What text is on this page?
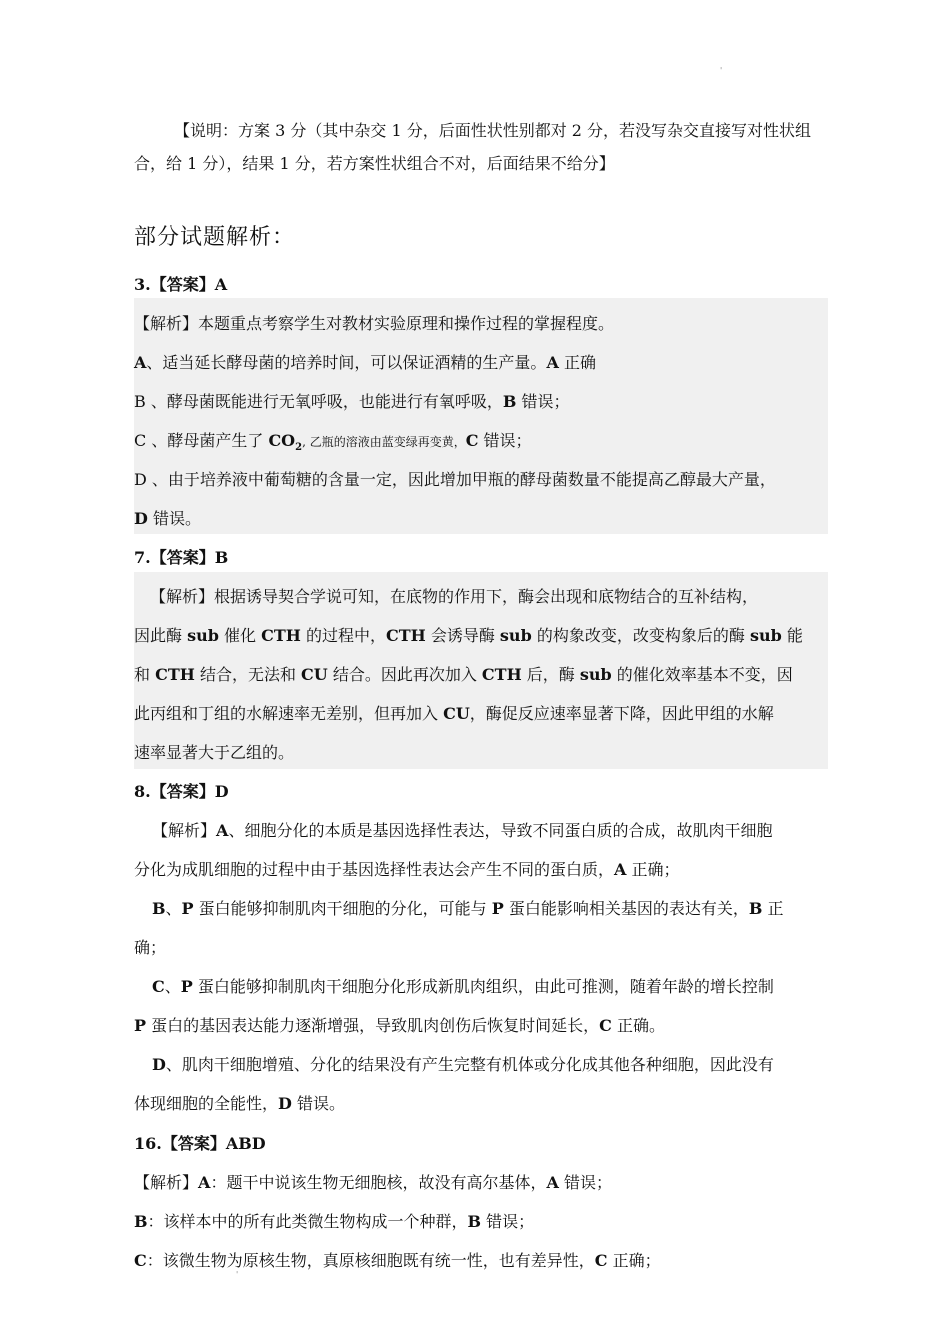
'
【说明：方案 3 分（其中杂交 1 分，后面性状性别都对 2 分，若没写杂交直接写对性状组合，给 1 分），结果 1 分，若方案性状组合不对，后面结果不给分】
部分试题解析：
3.【答案】A
【解析】本题重点考察学生对教材实验原理和操作过程的掌握程度。
A、适当延长酵母菌的培养时间，可以保证酒精的生产量。A 正确
B 、酵母菌既能进行无氧呼吸，也能进行有氧呼吸，B 错误；
C 、酵母菌产生了 $CO_2$, 乙瓶的溶液由蓝变绿再变黄，C 错误；
D 、由于培养液中葡萄糖的含量一定，因此增加甲瓶的酵母菌数量不能提高乙醇最大产量，
D 错误。
7.【答案】B
【解析】根据诱导契合学说可知，在底物的作用下，酶会出现和底物结合的互补结构，
因此酶 sub 催化 CTH 的过程中，CTH 会诱导酶 sub 的构象改变，改变构象后的酶 sub 能
和 CTH 结合，无法和 CU 结合。因此再次加入 CTH 后，酶 sub 的催化效率基本不变，因
此丙组和丁组的水解速率无差别，但再加入 CU，酶促反应速率显著下降，因此甲组的水解
速率显著大于乙组的。
8.【答案】D
【解析】A、细胞分化的本质是基因选择性表达，导致不同蛋白质的合成，故肌肉干细胞
分化为成肌细胞的过程中由于基因选择性表达会产生不同的蛋白质，A 正确；
B、P 蛋白能够抑制肌肉干细胞的分化，可能与 P 蛋白能影响相关基因的表达有关，B 正
确；
C、P 蛋白能够抑制肌肉干细胞分化形成新肌肉组织，由此可推测，随着年龄的增长控制
P 蛋白的基因表达能力逐渐增强，导致肌肉创伤后恢复时间延长，C 正确。
D、肌肉干细胞增殖、分化的结果没有产生完整有机体或分化成其他各种细胞，因此没有
体现细胞的全能性，D 错误。
16.【答案】ABD
【解析】A：题干中说该生物无细胞核，故没有高尔基体，A 错误；
B：该样本中的所有此类微生物构成一个种群，B 错误；
C：该微生物为原核生物，真原核细胞既有统一性，也有差异性，C 正确；
'
